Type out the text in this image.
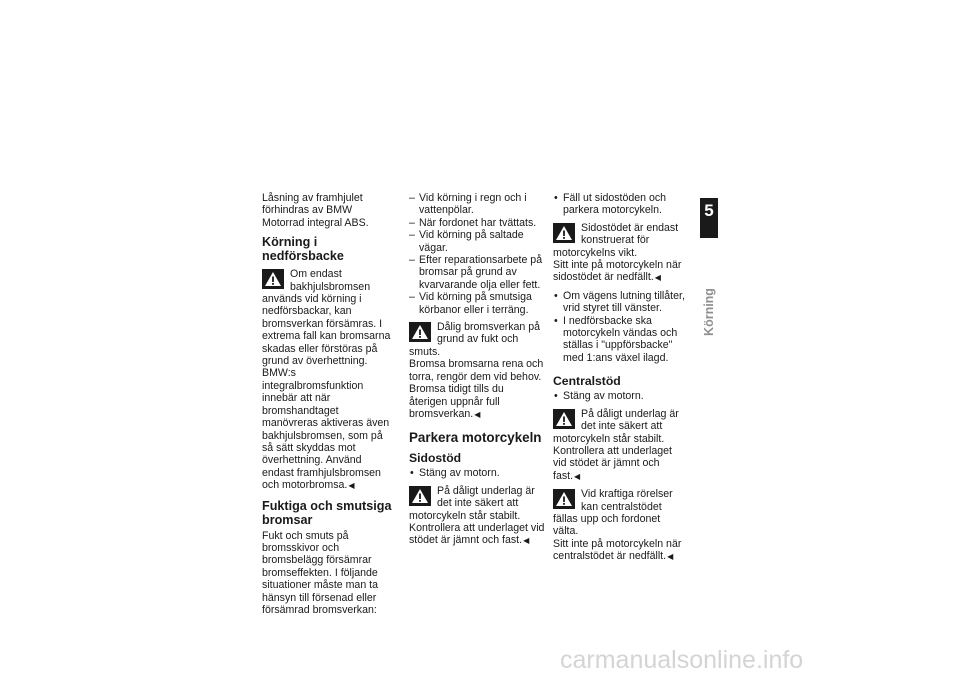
Låsning av framhjulet förhindras av BMW Motorrad integral ABS.

Körning i nedförsbacke

Om endast bakhjulsbromsen används vid körning i nedförsbackar, kan bromsverkan försämras. I extrema fall kan bromsarna skadas eller förstöras på grund av överhettning. BMW:s integralbromsfunktion innebär att när bromshandtaget manövreras aktiveras även bakhjulsbromsen, som på så sätt skyddas mot överhettning. Använd endast framhjulsbromsen och motorbromsa. ◀

Fuktiga och smutsiga bromsar

Fukt och smuts på bromsskivor och bromsbelägg försämrar bromseffekten. I följande situationer måste man ta hänsyn till försenad eller försämrad bromsverkan:

– Vid körning i regn och i vattenpölar.
– När fordonet har tvättats.
– Vid körning på saltade vägar.
– Efter reparationsarbete på bromsar på grund av kvarvarande olja eller fett.
– Vid körning på smutsiga körbanor eller i terräng.

Dålig bromsverkan på grund av fukt och smuts.

Bromsa bromsarna rena och torra, rengör dem vid behov. Bromsa tidigt tills du återigen uppnår full bromsverkan. ◀

Parkera motorcykeln
Sidostöd
• Stäng av motorn.

På dåligt underlag är det inte säkert att motorcykeln står stabilt.

Kontrollera att underlaget vid stödet är jämnt och fast. ◀

• Fäll ut sidostöden och parkera motorcykeln.

Sidostödet är endast konstruerat för motorcykelns vikt.

Sitt inte på motorcykeln när sidostödet är nedfällt. ◀

• Om vägens lutning tillåter, vrid styret till vänster.
• I nedförsbacke ska motorcykeln vändas och ställas i "uppförsbacke" med 1:ans växel ilagd.
Centralstöd
• Stäng av motorn.

På dåligt underlag är det inte säkert att motorcykeln står stabilt.

Kontrollera att underlaget vid stödet är jämnt och fast. ◀

Vid kraftiga rörelser kan centralstödet fällas upp och fordonet välta.

Sitt inte på motorcykeln när centralstödet är nedfällt. ◀

5
81
Körning
carmanualsonline.info
